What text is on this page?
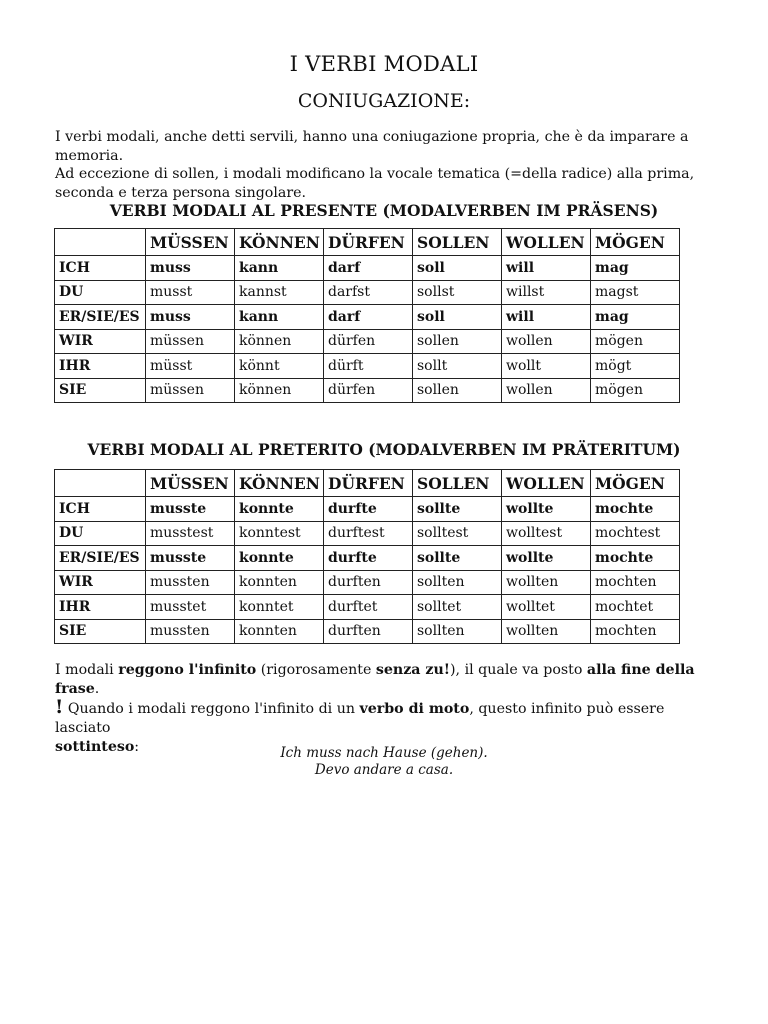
I VERBI MODALI
CONIUGAZIONE:

I verbi modali, anche detti servili, hanno una coniugazione propria, che è da imparare a memoria.

Ad eccezione di sollen, i modali modificano la vocale tematica (=della radice) alla prima,

seconda e terza persona singolare.

VERBI MODALI AL PRESENTE (MODALVERBEN IM PRÄSENS)
	MÜSSEN	KÖNNEN	DÜRFEN	SOLLEN	WOLLEN	MÖGEN
ICH	muss	kann	darf	soll	will	mag
DU	musst	kannst	darfst	sollst	willst	magst
ER/SIE/ES	muss	kann	darf	soll	will	mag
WIR	müssen	können	dürfen	sollen	wollen	mögen
IHR	müsst	könnt	dürft	sollt	wollt	mögt
SIE	müssen	können	dürfen	sollen	wollen	mögen
VERBI MODALI AL PRETERITO (MODALVERBEN IM PRÄTERITUM)
	MÜSSEN	KÖNNEN	DÜRFEN	SOLLEN	WOLLEN	MÖGEN
ICH	musste	konnte	durfte	sollte	wollte	mochte
DU	musstest	konntest	durftest	solltest	wolltest	mochtest
ER/SIE/ES	musste	konnte	durfte	sollte	wollte	mochte
WIR	mussten	konnten	durften	sollten	wollten	mochten
IHR	musstet	konntet	durftet	solltet	wolltet	mochtet
SIE	mussten	konnten	durften	sollten	wollten	mochten
I modali reggono l'infinito (rigorosamente senza zu!), il quale va posto alla fine della frase.
! Quando i modali reggono l'infinito di un verbo di moto, questo infinito può essere lasciato
sottinteso:	Ich muss nach Hause (gehen).
Devo andare a casa.
